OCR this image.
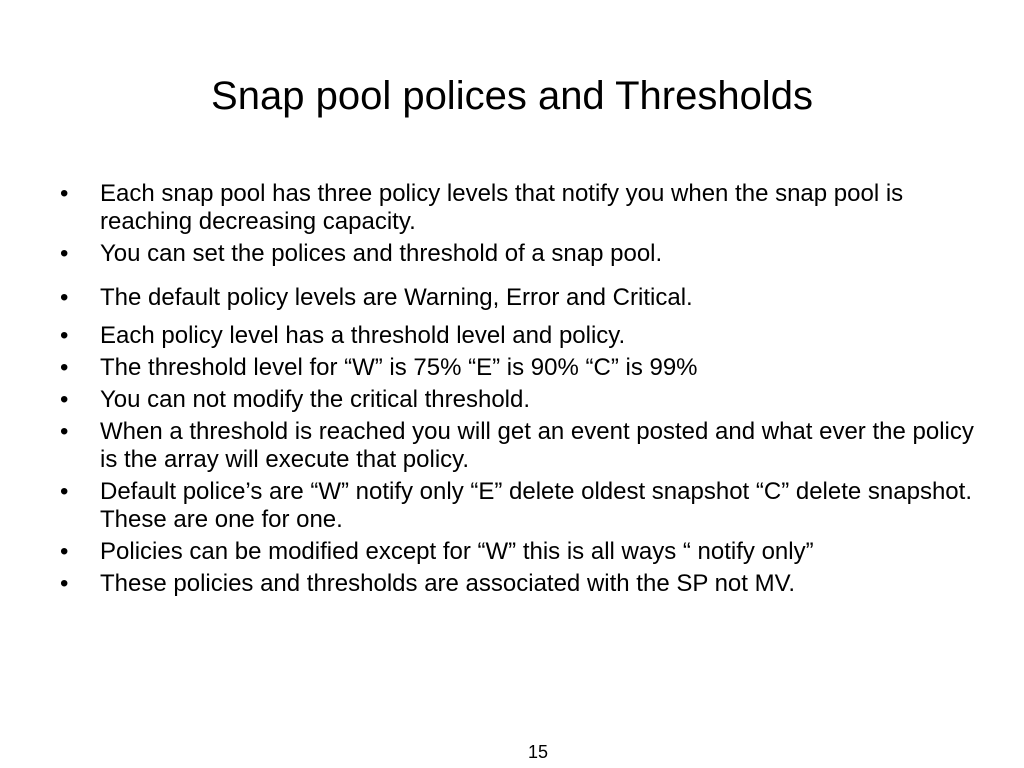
Snap pool polices and Thresholds
•	Each snap pool has three policy levels that notify you when the snap pool is reaching decreasing capacity.
•	You can set the polices and threshold of a snap pool.
•	The default policy levels are Warning, Error and Critical.
•	Each policy level has a threshold level and policy.
•	The threshold level for “W” is 75% “E” is 90% “C” is 99%
•	You can not modify the critical threshold.
•	When a threshold is reached you will get an event posted and what ever the policy is the array will execute that policy.
•	Default police’s are “W” notify only “E” delete oldest snapshot “C” delete snapshot. These are one for one.
•	Policies can be modified except for “W” this is all ways “ notify only”
•	These policies and thresholds are associated with the SP not MV.
15
